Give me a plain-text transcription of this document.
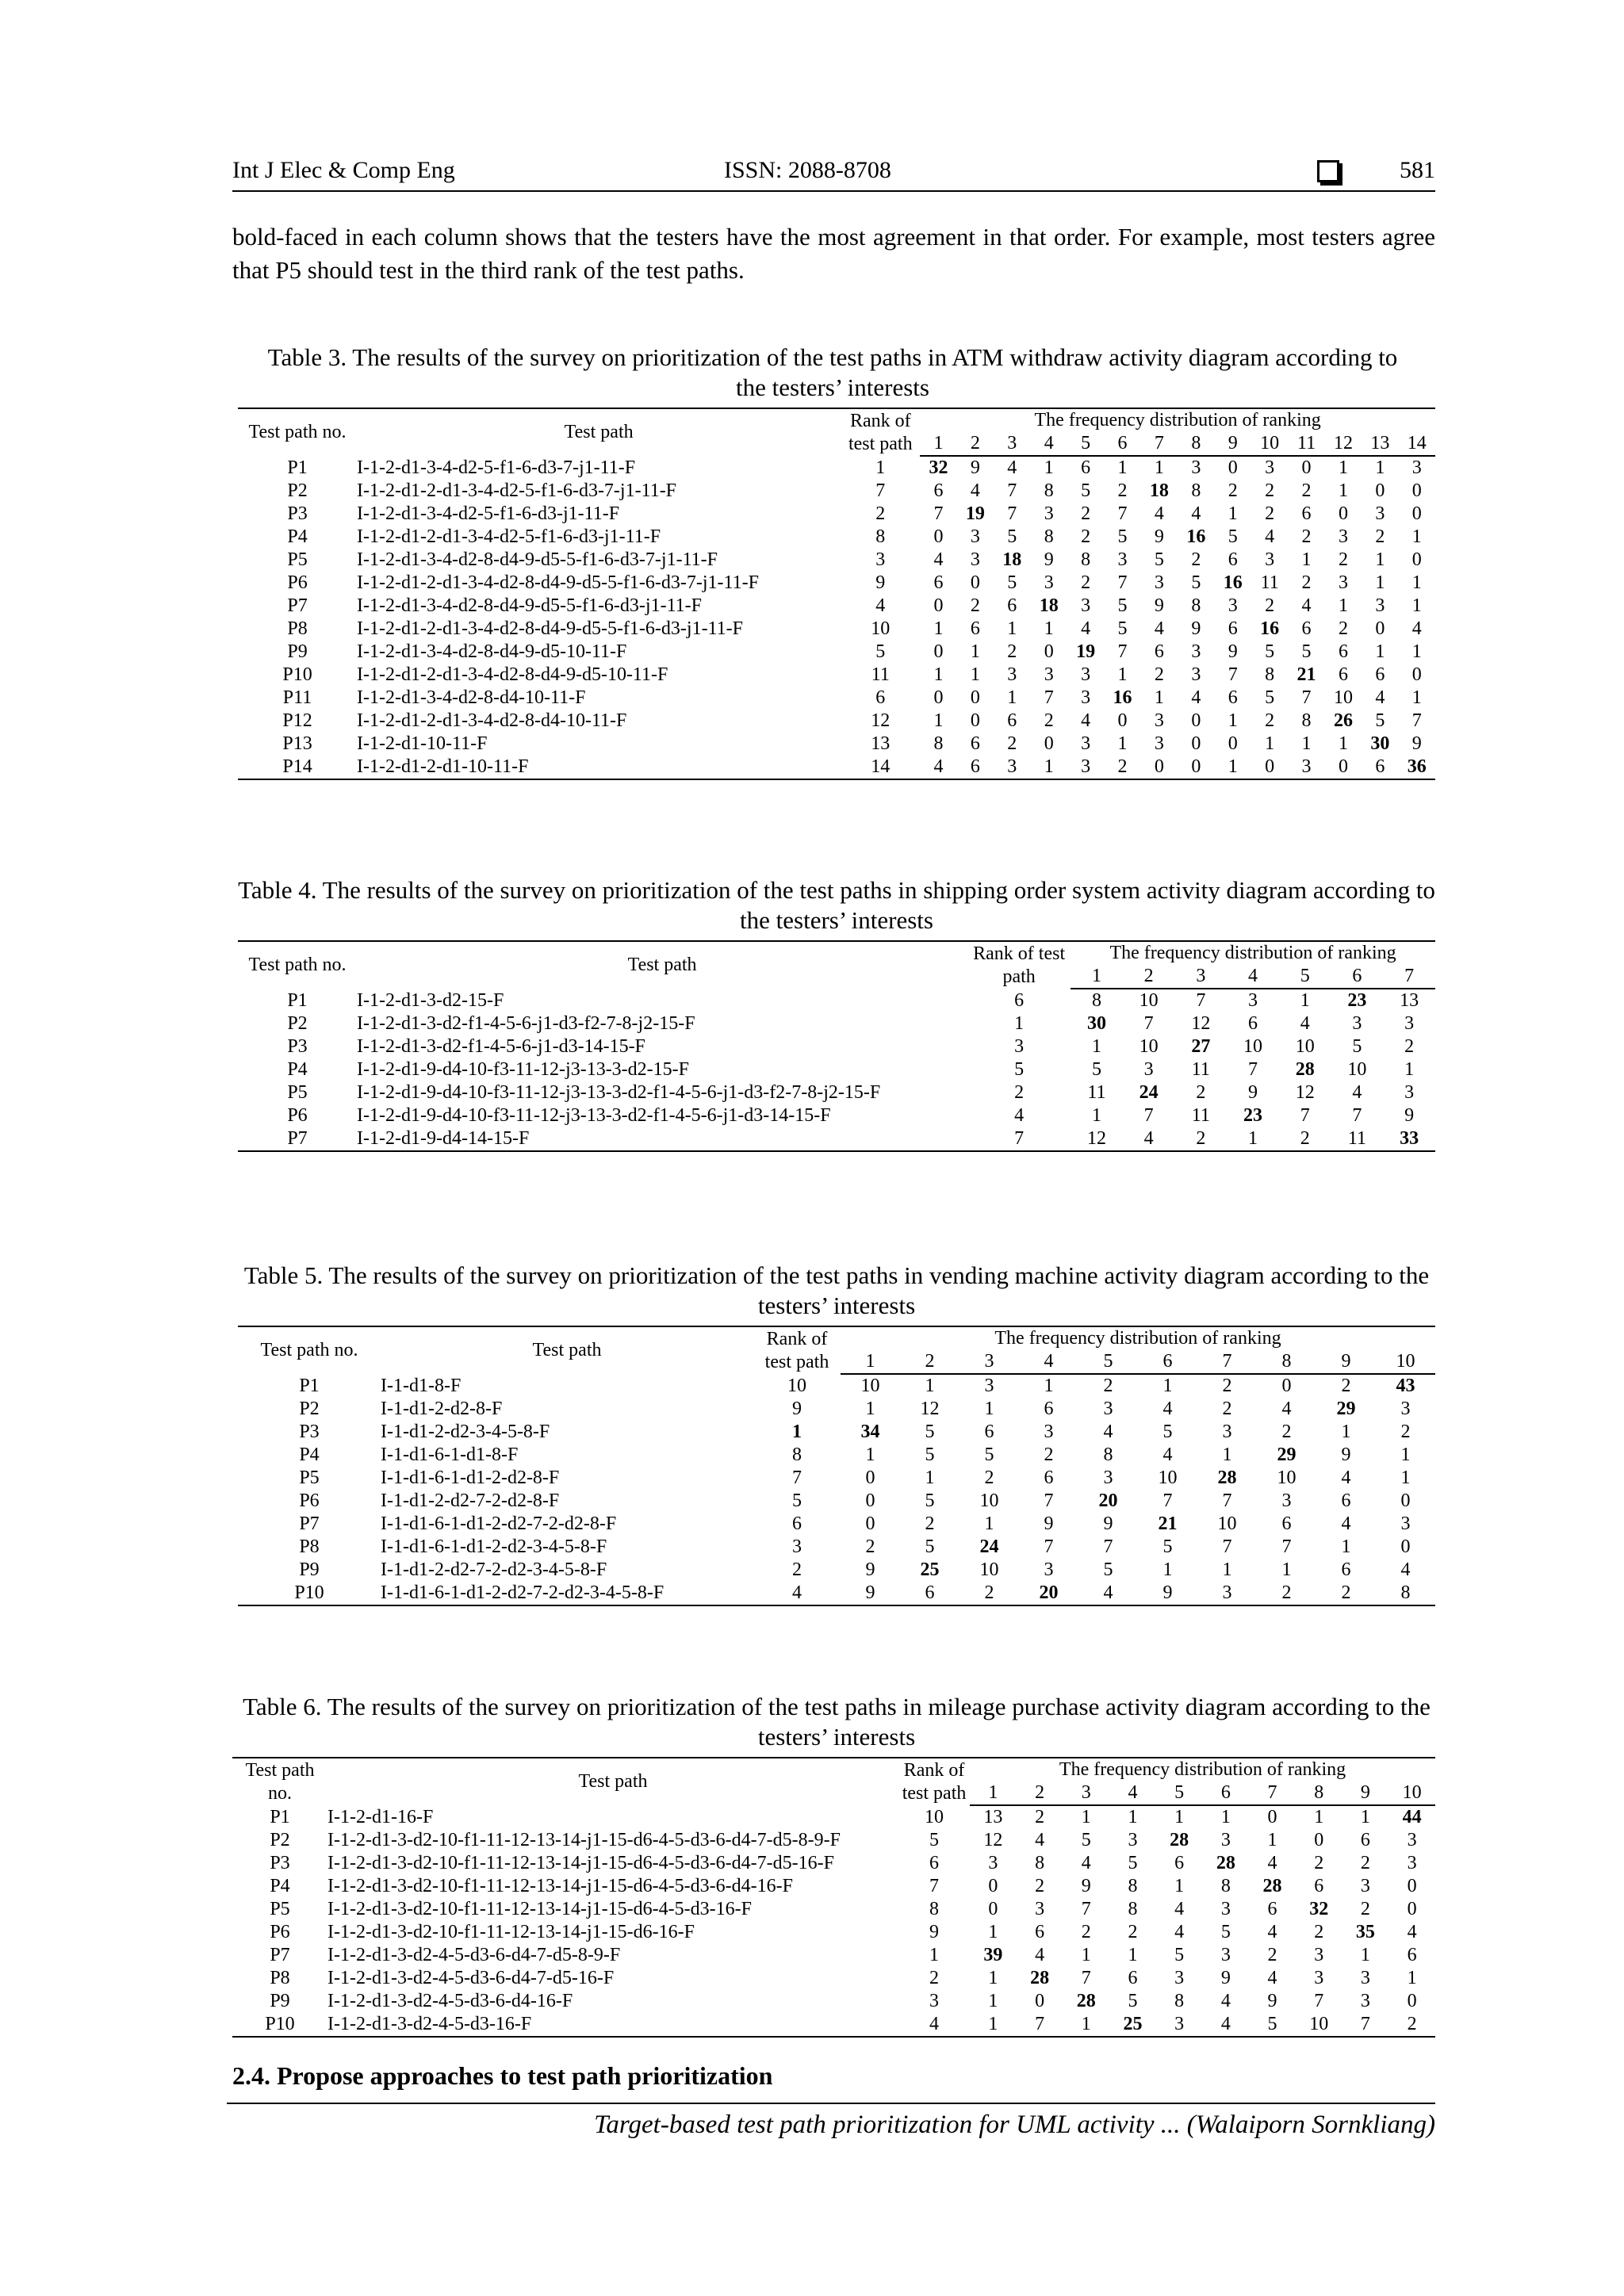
Int J Elec & Comp Eng	ISSN: 2088-8708	581
bold-faced in each column shows that the testers have the most agreement in that order. For example, most testers agree that P5 should test in the third rank of the test paths.
Table 3. The results of the survey on prioritization of the test paths in ATM withdraw activity diagram according to the testers’ interests
Test path no.	Test path	Rank of test path	The frequency distribution of ranking													
			1	2	3	4	5	6	7	8	9	10	11	12	13	14
P1	I-1-2-d1-3-4-d2-5-f1-6-d3-7-j1-11-F	1	32	9	4	1	6	1	1	3	0	3	0	1	1	3
P2	I-1-2-d1-2-d1-3-4-d2-5-f1-6-d3-7-j1-11-F	7	6	4	7	8	5	2	18	8	2	2	2	1	0	0
P3	I-1-2-d1-3-4-d2-5-f1-6-d3-j1-11-F	2	7	19	7	3	2	7	4	4	1	2	6	0	3	0
P4	I-1-2-d1-2-d1-3-4-d2-5-f1-6-d3-j1-11-F	8	0	3	5	8	2	5	9	16	5	4	2	3	2	1
P5	I-1-2-d1-3-4-d2-8-d4-9-d5-5-f1-6-d3-7-j1-11-F	3	4	3	18	9	8	3	5	2	6	3	1	2	1	0
P6	I-1-2-d1-2-d1-3-4-d2-8-d4-9-d5-5-f1-6-d3-7-j1-11-F	9	6	0	5	3	2	7	3	5	16	11	2	3	1	1
P7	I-1-2-d1-3-4-d2-8-d4-9-d5-5-f1-6-d3-j1-11-F	4	0	2	6	18	3	5	9	8	3	2	4	1	3	1
P8	I-1-2-d1-2-d1-3-4-d2-8-d4-9-d5-5-f1-6-d3-j1-11-F	10	1	6	1	1	4	5	4	9	6	16	6	2	0	4
P9	I-1-2-d1-3-4-d2-8-d4-9-d5-10-11-F	5	0	1	2	0	19	7	6	3	9	5	5	6	1	1
P10	I-1-2-d1-2-d1-3-4-d2-8-d4-9-d5-10-11-F	11	1	1	3	3	3	1	2	3	7	8	21	6	6	0
P11	I-1-2-d1-3-4-d2-8-d4-10-11-F	6	0	0	1	7	3	16	1	4	6	5	7	10	4	1
P12	I-1-2-d1-2-d1-3-4-d2-8-d4-10-11-F	12	1	0	6	2	4	0	3	0	1	2	8	26	5	7
P13	I-1-2-d1-10-11-F	13	8	6	2	0	3	1	3	0	0	1	1	1	30	9
P14	I-1-2-d1-2-d1-10-11-F	14	4	6	3	1	3	2	0	0	1	0	3	0	6	36
Table 4. The results of the survey on prioritization of the test paths in shipping order system activity diagram according to the testers’ interests
Test path no.	Test path	Rank of test path	The frequency distribution of ranking						
			1	2	3	4	5	6	7
P1	I-1-2-d1-3-d2-15-F	6	8	10	7	3	1	23	13
P2	I-1-2-d1-3-d2-f1-4-5-6-j1-d3-f2-7-8-j2-15-F	1	30	7	12	6	4	3	3
P3	I-1-2-d1-3-d2-f1-4-5-6-j1-d3-14-15-F	3	1	10	27	10	10	5	2
P4	I-1-2-d1-9-d4-10-f3-11-12-j3-13-3-d2-15-F	5	5	3	11	7	28	10	1
P5	I-1-2-d1-9-d4-10-f3-11-12-j3-13-3-d2-f1-4-5-6-j1-d3-f2-7-8-j2-15-F	2	11	24	2	9	12	4	3
P6	I-1-2-d1-9-d4-10-f3-11-12-j3-13-3-d2-f1-4-5-6-j1-d3-14-15-F	4	1	7	11	23	7	7	9
P7	I-1-2-d1-9-d4-14-15-F	7	12	4	2	1	2	11	33
Table 5. The results of the survey on prioritization of the test paths in vending machine activity diagram according to the testers’ interests
Test path no.	Test path	Rank of test path	The frequency distribution of ranking									
			1	2	3	4	5	6	7	8	9	10
P1	I-1-d1-8-F	10	10	1	3	1	2	1	2	0	2	43
P2	I-1-d1-2-d2-8-F	9	1	12	1	6	3	4	2	4	29	3
P3	I-1-d1-2-d2-3-4-5-8-F	1	34	5	6	3	4	5	3	2	1	2
P4	I-1-d1-6-1-d1-8-F	8	1	5	5	2	8	4	1	29	9	1
P5	I-1-d1-6-1-d1-2-d2-8-F	7	0	1	2	6	3	10	28	10	4	1
P6	I-1-d1-2-d2-7-2-d2-8-F	5	0	5	10	7	20	7	7	3	6	0
P7	I-1-d1-6-1-d1-2-d2-7-2-d2-8-F	6	0	2	1	9	9	21	10	6	4	3
P8	I-1-d1-6-1-d1-2-d2-3-4-5-8-F	3	2	5	24	7	7	5	7	7	1	0
P9	I-1-d1-2-d2-7-2-d2-3-4-5-8-F	2	9	25	10	3	5	1	1	1	6	4
P10	I-1-d1-6-1-d1-2-d2-7-2-d2-3-4-5-8-F	4	9	6	2	20	4	9	3	2	2	8
Table 6. The results of the survey on prioritization of the test paths in mileage purchase activity diagram according to the testers’ interests
Test path no.	Test path	Rank of test path	The frequency distribution of ranking									
			1	2	3	4	5	6	7	8	9	10
P1	I-1-2-d1-16-F	10	13	2	1	1	1	1	0	1	1	44
P2	I-1-2-d1-3-d2-10-f1-11-12-13-14-j1-15-d6-4-5-d3-6-d4-7-d5-8-9-F	5	12	4	5	3	28	3	1	0	6	3
P3	I-1-2-d1-3-d2-10-f1-11-12-13-14-j1-15-d6-4-5-d3-6-d4-7-d5-16-F	6	3	8	4	5	6	28	4	2	2	3
P4	I-1-2-d1-3-d2-10-f1-11-12-13-14-j1-15-d6-4-5-d3-6-d4-16-F	7	0	2	9	8	1	8	28	6	3	0
P5	I-1-2-d1-3-d2-10-f1-11-12-13-14-j1-15-d6-4-5-d3-16-F	8	0	3	7	8	4	3	6	32	2	0
P6	I-1-2-d1-3-d2-10-f1-11-12-13-14-j1-15-d6-16-F	9	1	6	2	2	4	5	4	2	35	4
P7	I-1-2-d1-3-d2-4-5-d3-6-d4-7-d5-8-9-F	1	39	4	1	1	5	3	2	3	1	6
P8	I-1-2-d1-3-d2-4-5-d3-6-d4-7-d5-16-F	2	1	28	7	6	3	9	4	3	3	1
P9	I-1-2-d1-3-d2-4-5-d3-6-d4-16-F	3	1	0	28	5	8	4	9	7	3	0
P10	I-1-2-d1-3-d2-4-5-d3-16-F	4	1	7	1	25	3	4	5	10	7	2
2.4. Propose approaches to test path prioritization
Target-based test path prioritization for UML activity ... (Walaiporn Sornkliang)
